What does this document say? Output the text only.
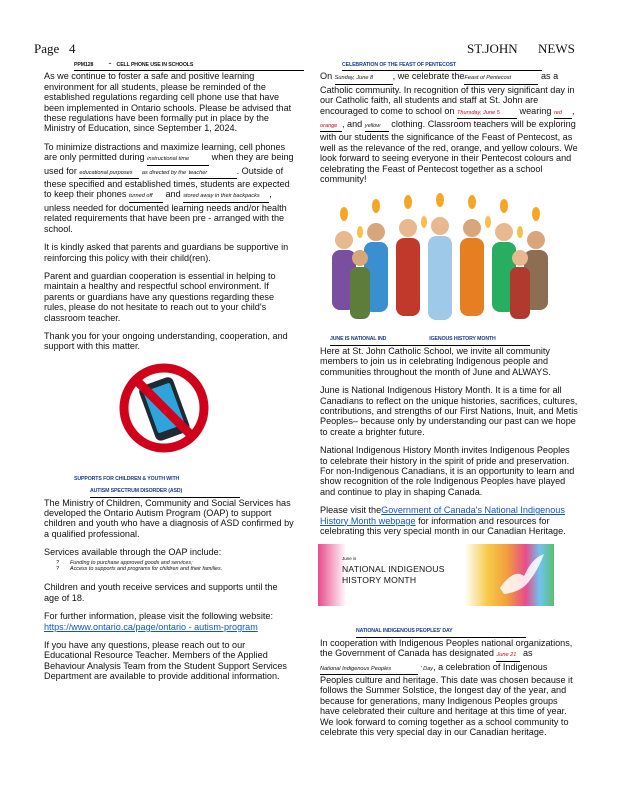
Page 4	ST.JOHN NEWS
PPM128      -  CELL PHONE USE IN SCHOOLS

As we continue to foster a safe and positive learning environment for all students, please be reminded of the established regulations regarding cell phone use that have been implemented in Ontario schools. Please be advised that these regulations have been formally put in place by the Ministry of Education, since September 1, 2024.

To minimize distractions and maximize learning, cell phones are only permitted during instructional time when they are being used for educational purposes as directed by the teacher	. Outside of these specified and established times, students are expected to keep their phones turned off and stored away in their backpacks , unless needed for documented learning needs and/or health related requirements that have been pre - arranged with the school.

It is kindly asked that parents and guardians be supportive in reinforcing this policy with their child(ren).

Parent and guardian cooperation is essential in helping to maintain a healthy and respectful school environment. If parents or guardians have any questions regarding these rules, please do not hesitate to reach out to your child's classroom teacher.

Thank you for your ongoing understanding, cooperation, and support with this matter.

SUPPORTS FOR CHILDREN & YOUTH WITH
AUTISM SPECTRUM DISORDER (ASD)

The Ministry of Children, Community and Social Services has developed the Ontario Autism Program (OAP) to support children and youth who have a diagnosis of ASD confirmed by a qualified professional.

Services available through the OAP include:

? Funding to purchase approved goods and services;
? Access to supports and programs for children and their families.

Children and youth receive services and supports until the age of 18.

For further information, please visit the following website:
https://www.ontario.ca/page/ontario - autism-program

If you have any questions, please reach out to our Educational Resource Teacher. Members of the Applied Behaviour Analysis Team from the Student Support Services Department are available to provide additional information.

CELEBRATION OF THE FEAST OF PENTECOST

On Sunday, June 8 , we celebrate theFeast of Pentecost	as a Catholic community. In recognition of this very significant day in our Catholic faith, all students and staff at St. John are encouraged to come to school on Thursday, June 5 wearing red , orange , and yellow clothing. Classroom teachers will be exploring with our students the significance of the Feast of Pentecost, as well as the relevance of the red, orange, and yellow colours. We look forward to seeing everyone in their Pentecost colours and celebrating the Feast of Pentecost together as a school community!

JUNE IS NATIONAL IND	IGENOUS HISTORY MONTH

Here at St. John Catholic School, we invite all community members to join us in celebrating Indigenous people and communities throughout the month of June and ALWAYS.

June is National Indigenous History Month. It is a time for all Canadians to reflect on the unique histories, sacrifices, cultures, contributions, and strengths of our First Nations, Inuit, and Metis Peoples– because only by understanding our past can we hope to create a brighter future.

National Indigenous History Month invites Indigenous Peoples to celebrate their history in the spirit of pride and preservation. For non-Indigenous Canadians, it is an opportunity to learn and show recognition of the role Indigenous Peoples have played and continue to play in shaping Canada.

Please visit theGovernment of Canada's National Indigenous History Month webpage for information and resources for celebrating this very special month in our Canadian Heritage.

June is
NATIONAL INDIGENOUS
HISTORY MONTH
NATIONAL INDIGENOUS PEOPLES' DAY

In cooperation with Indigenous Peoples national organizations, the Government of Canada has designated June 21 as National Indigenous Peoples	' Day, a celebration of Indigenous Peoples culture and heritage. This date was chosen because it follows the Summer Solstice, the longest day of the year, and because for generations, many Indigenous Peoples groups have celebrated their culture and heritage at this time of year. We look forward to coming together as a school community to celebrate this very special day in our Canadian heritage.
